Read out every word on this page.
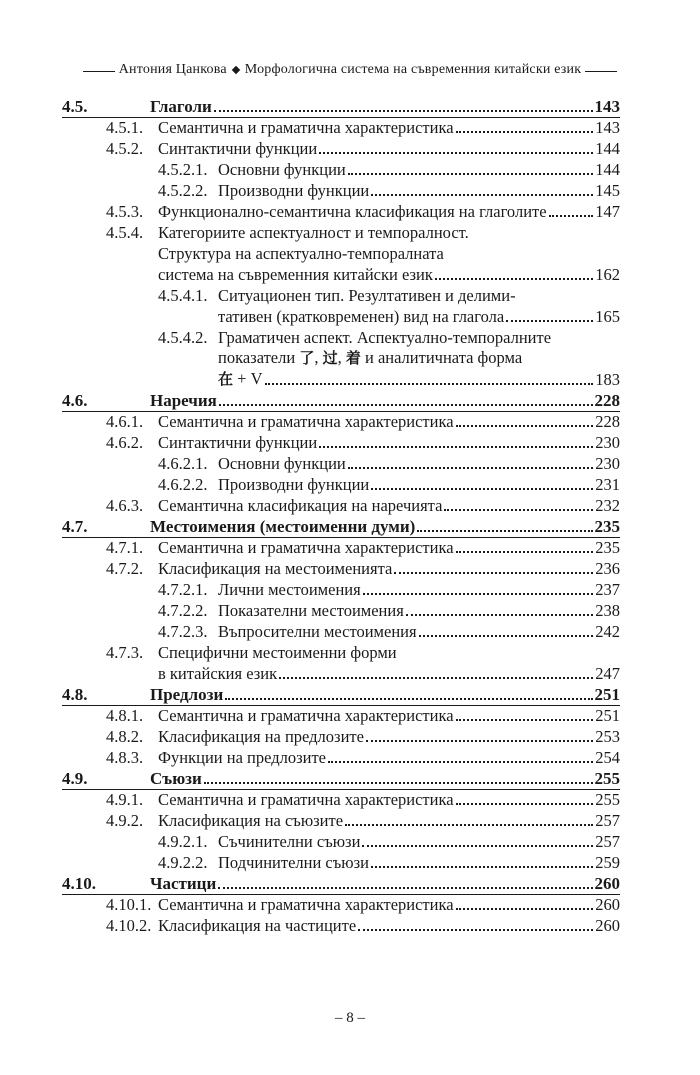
Антония Цанкова Морфологична система на съвременния китайски език
4.5.	Глаголи	143
4.5.1. Семантична и граматична характеристика	143
4.5.2. Синтактични функции	144
4.5.2.1. Основни функции	144
4.5.2.2. Производни функции	145
4.5.3. Функционално-семантична класификация на глаголите	147
4.5.4. Категориите аспектуалност и темпоралност.
Структура на аспектуално-темпоралната
система на съвременния китайски език	162
4.5.4.1. Ситуационен тип. Резултативен и делими-
тативен (кратковременен) вид на глагола	165
4.5.4.2. Граматичен аспект. Аспектуално-темпоралните
показатели 了, 过, 着 и аналитичната форма
在 + V	183
4.6.	Наречия	228
4.6.1. Семантична и граматична характеристика	228
4.6.2. Синтактични функции	230
4.6.2.1. Основни функции	230
4.6.2.2. Производни функции	231
4.6.3. Семантична класификация на наречията	232
4.7.	Местоимения (местоименни думи)	235
4.7.1. Семантична и граматична характеристика	235
4.7.2. Класификация на местоименията	236
4.7.2.1. Лични местоимения	237
4.7.2.2. Показателни местоимения	238
4.7.2.3. Въпросителни местоимения	242
4.7.3. Специфични местоименни форми
в китайския език	247
4.8.	Предлози	251
4.8.1. Семантична и граматична характеристика	251
4.8.2. Класификация на предлозите	253
4.8.3. Функции на предлозите	254
4.9.	Съюзи	255
4.9.1. Семантична и граматична характеристика	255
4.9.2. Класификация на съюзите	257
4.9.2.1. Съчинителни съюзи	257
4.9.2.2. Подчинителни съюзи	259
4.10.	Частици	260
4.10.1. Семантична и граматична характеристика	260
4.10.2. Класификация на частиците	260
– 8 –
